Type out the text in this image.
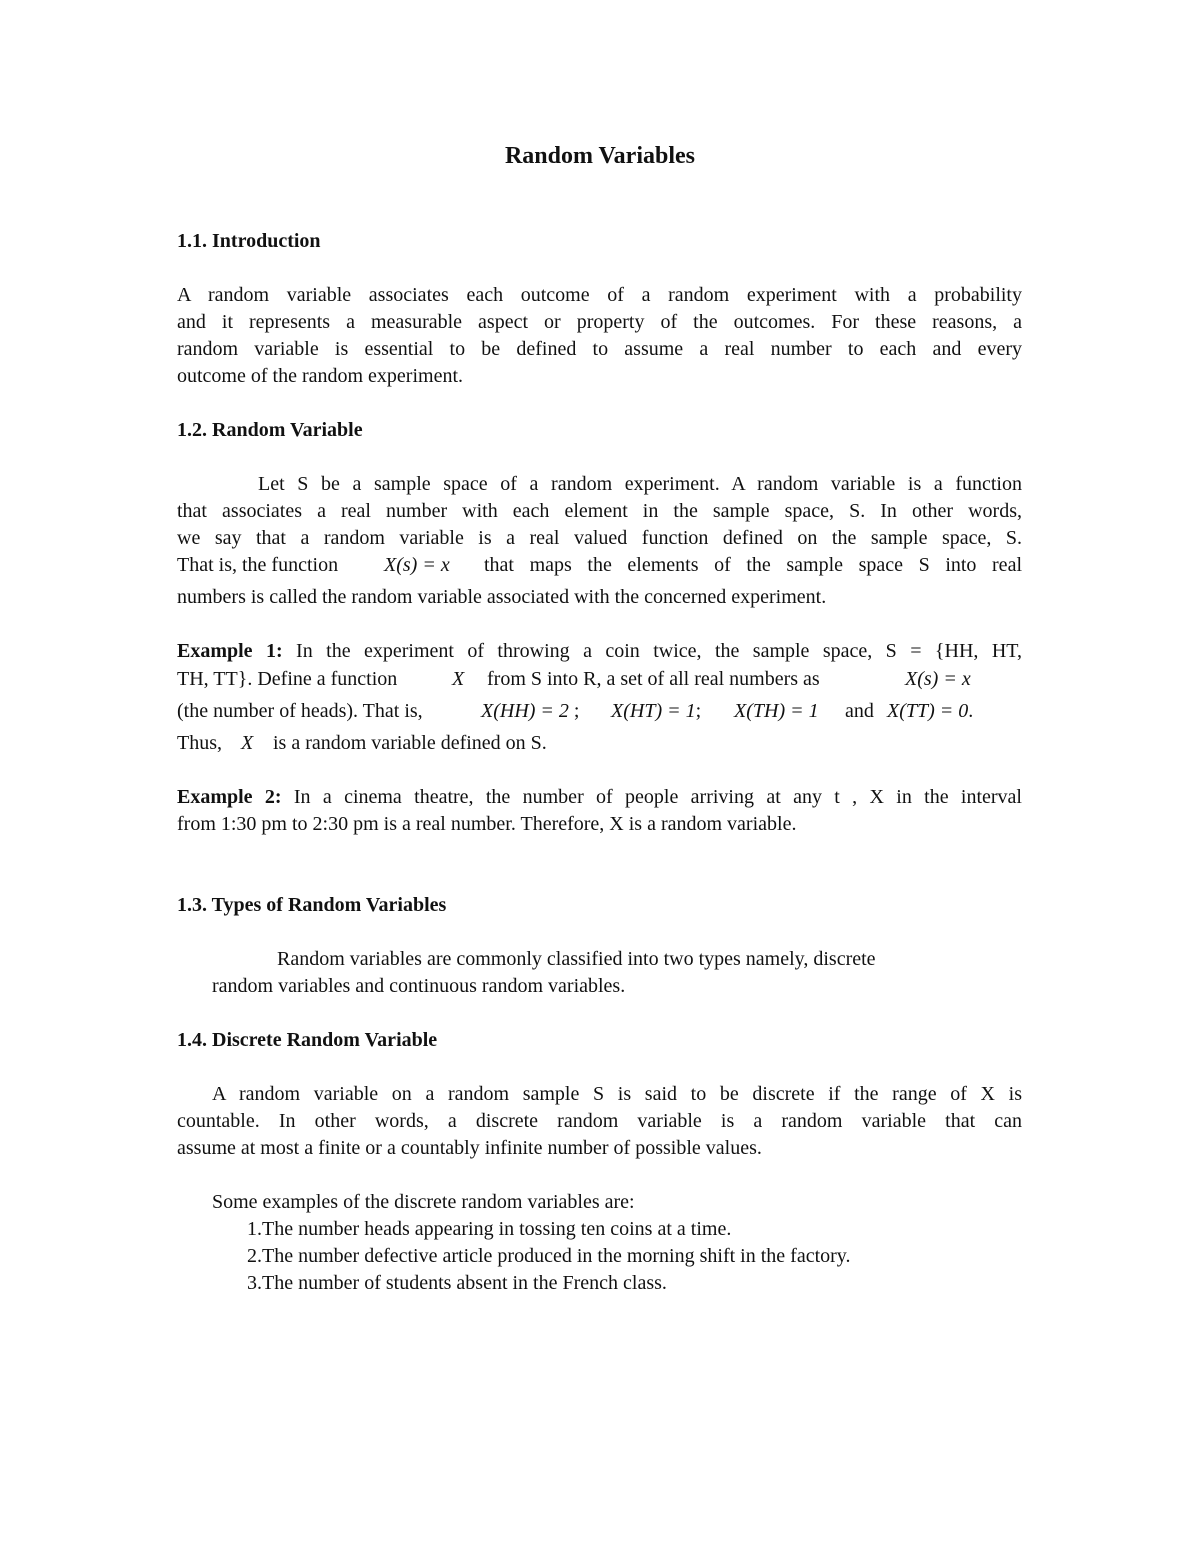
Random Variables
1.1. Introduction
A random variable associates each outcome of a random experiment with a probability
and it represents a measurable aspect or property of the outcomes. For these reasons, a
random variable is essential to be defined to assume a real number to each and every
outcome of the random experiment.
1.2. Random Variable
Let S be a sample space of a random experiment. A random variable is a function
that associates a real number with each element in the sample space, S. In other words,
we say that a random variable is a real valued function defined on the sample space, S.
That is, the function X(s) = x that maps the elements of the sample space S into real
numbers is called the random variable associated with the concerned experiment.
Example 1: In the experiment of throwing a coin twice, the sample space, S = {HH, HT,
TH, TT}. Define a function	X from S into R, a set of all real numbers as	X(s) = x
(the number of heads). That is,	X(HH) = 2 ; X(HT) = 1; X(TH) = 1 and X(TT) = 0.
Thus, X is a random variable defined on S.
Example 2: In a cinema theatre, the number of people arriving at any t , X in the interval
from 1:30 pm to 2:30 pm is a real number. Therefore, X is a random variable.
1.3. Types of Random Variables
Random variables are commonly classified into two types namely, discrete
random variables and continuous random variables.
1.4. Discrete Random Variable
A random variable on a random sample S is said to be discrete if the range of X is
countable. In other words, a discrete random variable is a random variable that can
assume at most a finite or a countably infinite number of possible values.
Some examples of the discrete random variables are:
1.The number heads appearing in tossing ten coins at a time.
2.The number defective article produced in the morning shift in the factory.
3.The number of students absent in the French class.
